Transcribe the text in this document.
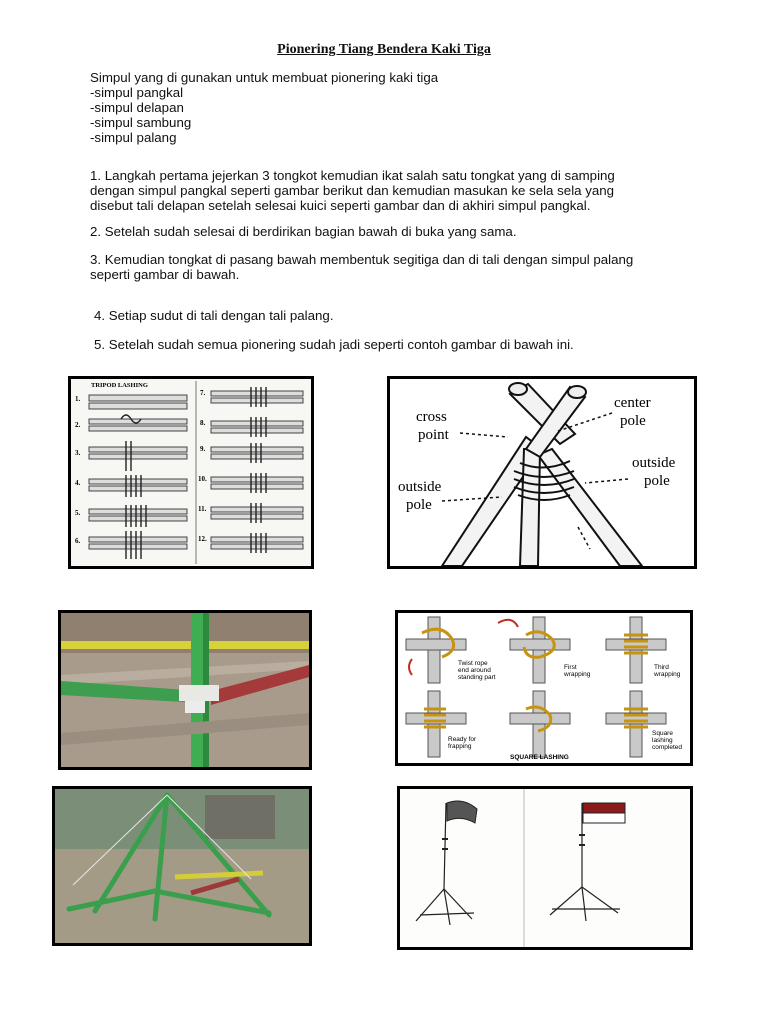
Pionering Tiang Bendera Kaki Tiga
Simpul yang di gunakan untuk membuat pionering kaki tiga
-simpul pangkal
-simpul delapan
-simpul sambung
-simpul palang
1. Langkah pertama jejerkan 3 tongkot kemudian ikat salah satu tongkat yang di samping
dengan simpul pangkal seperti gambar berikut dan kemudian masukan ke sela sela yang
disebut tali delapan setelah selesai kuici seperti gambar dan di akhiri simpul pangkal.
2. Setelah sudah selesai di berdirikan bagian bawah di buka yang sama.
3. Kemudian tongkat di pasang bawah membentuk segitiga dan di tali dengan simpul palang
seperti gambar di bawah.
4. Setiap sudut di tali dengan tali palang.
5. Setelah sudah semua pionering sudah jadi seperti contoh gambar di bawah ini.
TRIPOD LASHING
1.
2.
3.
4.
5.
6.
7.
8.
9.
10.
11.
12.
cross
point
center
pole
outside
pole
outside
pole
Twist rope
end around
standing part
First
wrapping
Third
wrapping
Ready for
frapping
Square
lashing
completed
SQUARE LASHING
